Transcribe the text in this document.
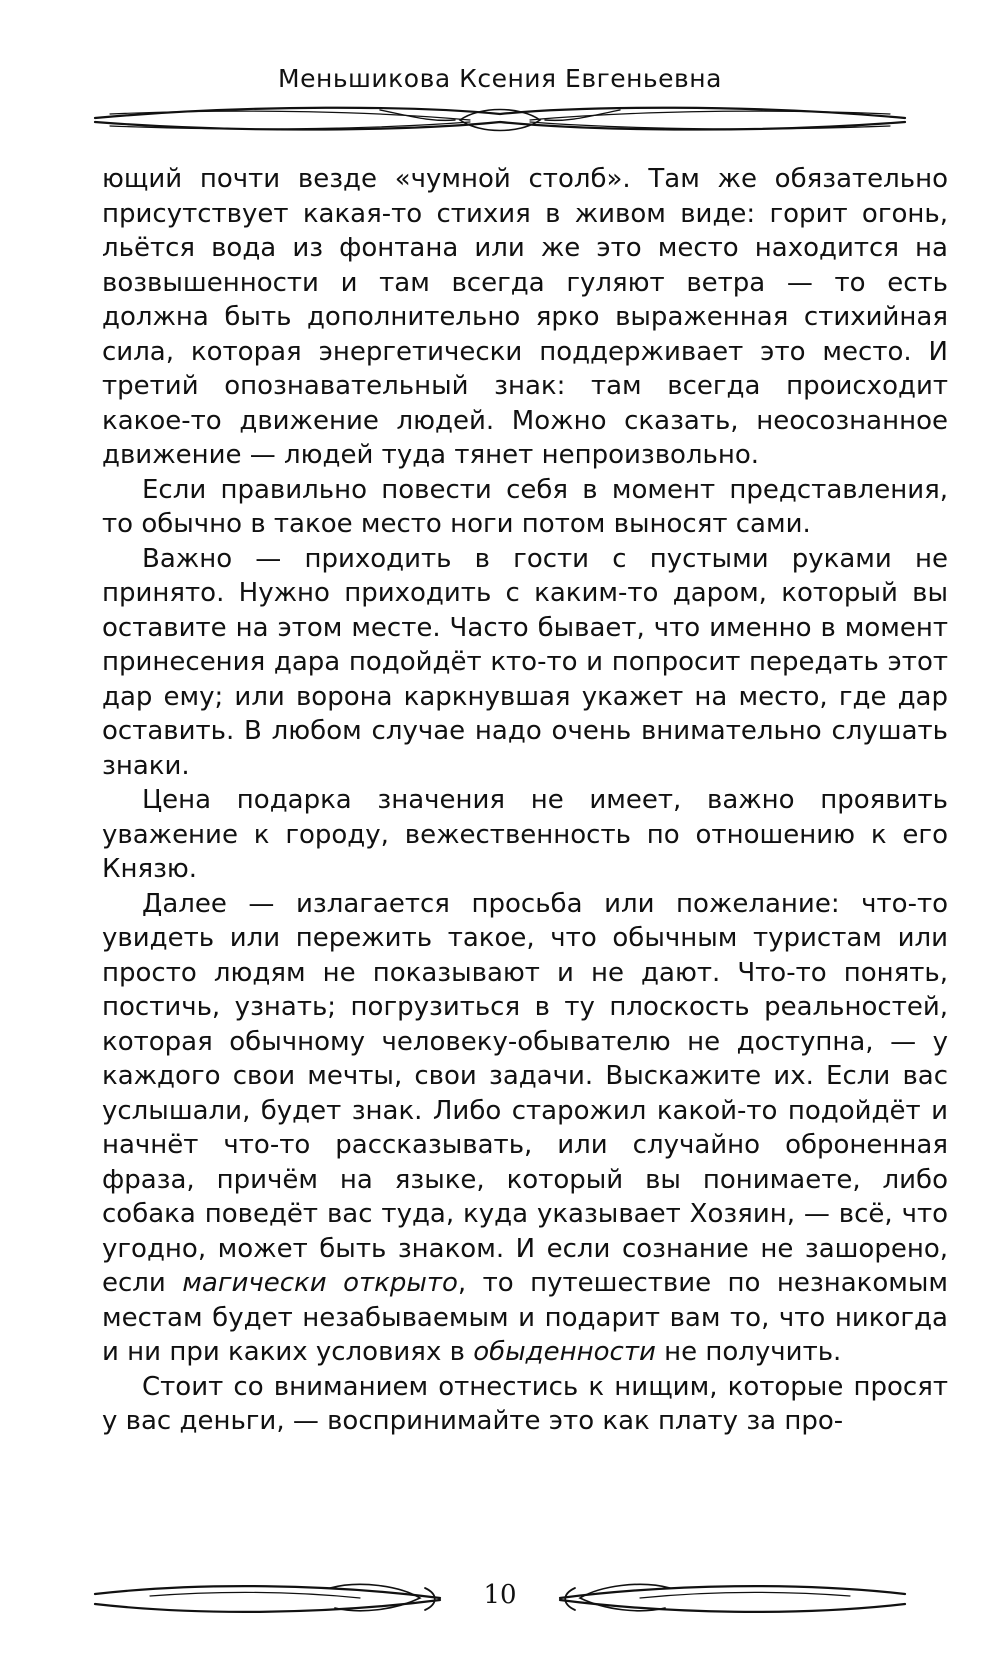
Меньшикова Ксения Евгеньевна

ющий почти везде «чумной столб». Там же обязательно присутствует какая-то стихия в живом виде: горит огонь, льётся вода из фонтана или же это место находится на возвышенности и там всегда гуляют ветра — то есть должна быть дополнительно ярко выраженная стихийная сила, которая энергетически поддерживает это место. И третий опознавательный знак: там всегда происходит какое-то движение людей. Можно сказать, неосознанное движение — людей туда тянет непроизвольно.

Если правильно повести себя в момент представления, то обычно в такое место ноги потом выносят сами.

Важно — приходить в гости с пустыми руками не принято. Нужно приходить с каким-то даром, который вы оставите на этом месте. Часто бывает, что именно в момент принесения дара подойдёт кто-то и попросит передать этот дар ему; или ворона каркнувшая укажет на место, где дар оставить. В любом случае надо очень внимательно слушать знаки.

Цена подарка значения не имеет, важно проявить уважение к городу, вежественность по отношению к его Князю.

Далее — излагается просьба или пожелание: что-то увидеть или пережить такое, что обычным туристам или просто людям не показывают и не дают. Что-то понять, постичь, узнать; погрузиться в ту плоскость реальностей, которая обычному человеку-обывателю не доступна, — у каждого свои мечты, свои задачи. Выскажите их. Если вас услышали, будет знак. Либо старожил какой-то подойдёт и начнёт что-то рассказывать, или случайно оброненная фраза, причём на языке, который вы понимаете, либо собака поведёт вас туда, куда указывает Хозяин, — всё, что угодно, может быть знаком. И если сознание не зашорено, если магически открыто, то путешествие по незнакомым местам будет незабываемым и подарит вам то, что никогда и ни при каких условиях в обыденности не получить.

Стоит со вниманием отнестись к нищим, которые просят у вас деньги, — воспринимайте это как плату за про-

10
